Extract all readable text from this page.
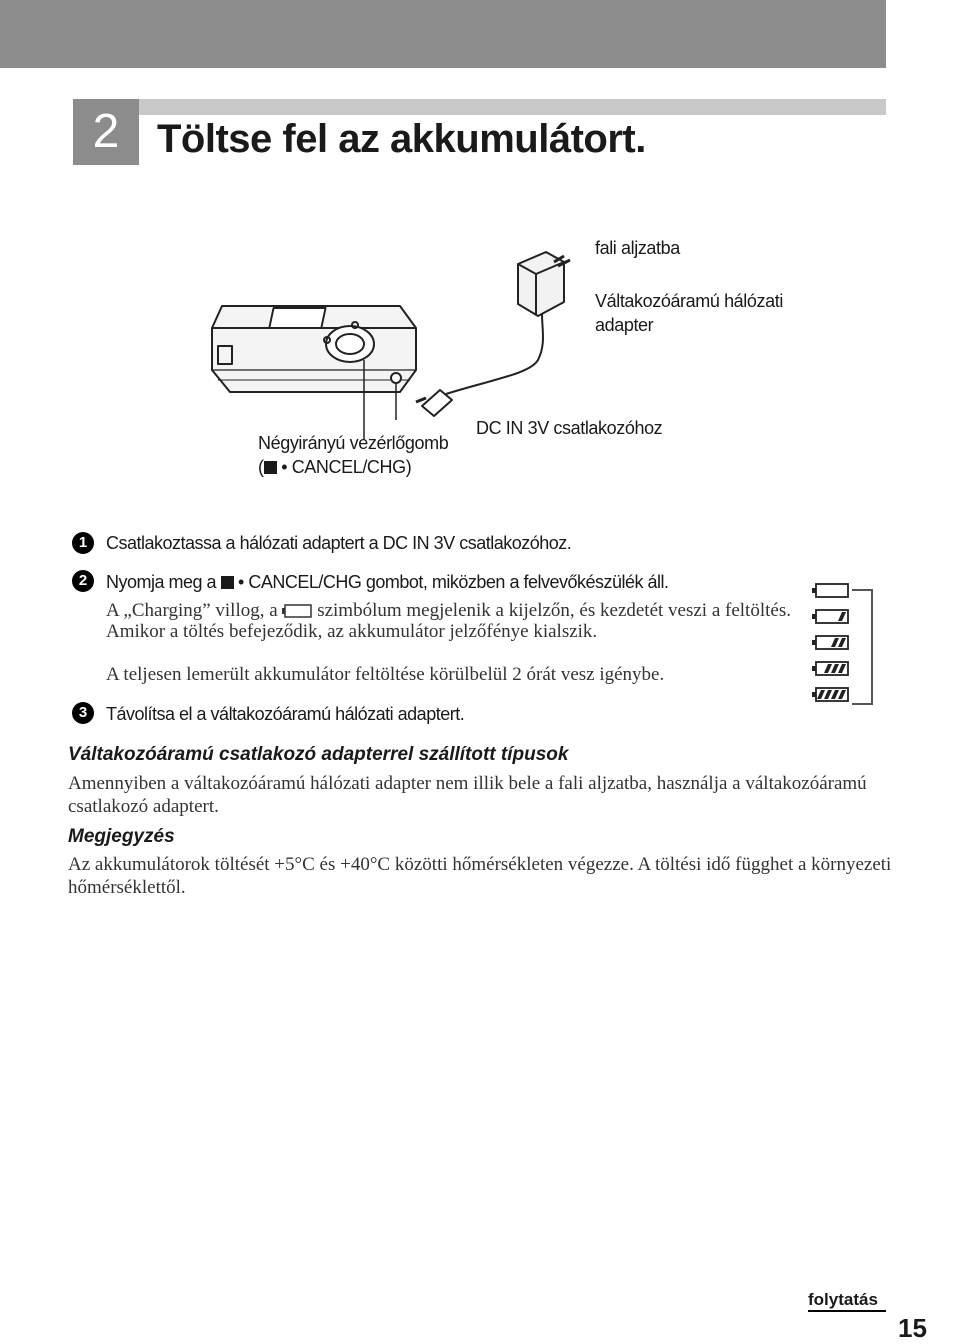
2 Töltse fel az akkumulátort.
fali aljzatba
Váltakozóáramú hálózati
adapter
DC IN 3V csatlakozóhoz
Négyirányú vezérlőgomb
( • CANCEL/CHG)
1	Csatlakoztassa a hálózati adaptert a DC IN 3V csatlakozóhoz.
2	Nyomja meg a  • CANCEL/CHG gombot, miközben a felvevőkészülék áll.
A „Charging” villog, a  szimbólum megjelenik a kijelzőn, és kezdetét veszi a feltöltés. Amikor a töltés befejeződik, az akkumulátor jelzőfénye kialszik.
A teljesen lemerült akkumulátor feltöltése körülbelül 2 órát vesz igénybe.
3	Távolítsa el a váltakozóáramú hálózati adaptert.
Váltakozóáramú csatlakozó adapterrel szállított típusok
Amennyiben a váltakozóáramú hálózati adapter nem illik bele a fali aljzatba, használja a váltakozóáramú csatlakozó adaptert.
Megjegyzés
Az akkumulátorok töltését +5°C és +40°C közötti hőmérsékleten végezze. A töltési idő függhet a környezeti hőmérséklettől.
folytatás
15
